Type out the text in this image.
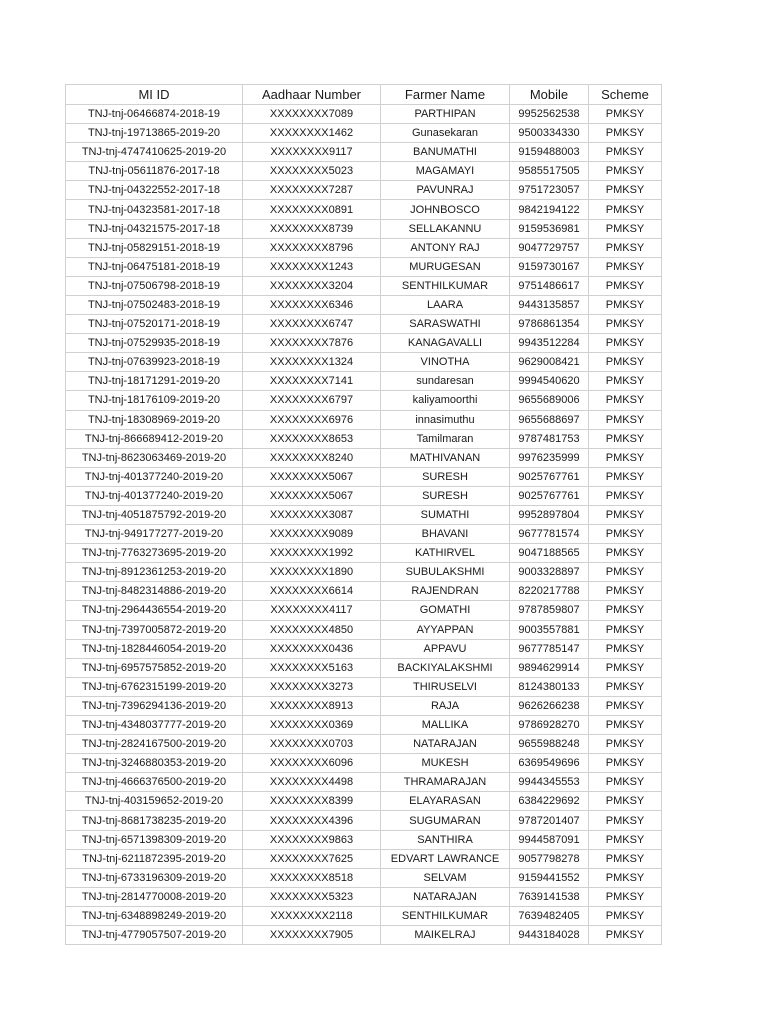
MI ID	Aadhaar Number	Farmer Name	Mobile	Scheme
TNJ-tnj-06466874-2018-19	XXXXXXXX7089	PARTHIPAN	9952562538	PMKSY
TNJ-tnj-19713865-2019-20	XXXXXXXX1462	Gunasekaran	9500334330	PMKSY
TNJ-tnj-4747410625-2019-20	XXXXXXXX9117	BANUMATHI	9159488003	PMKSY
TNJ-tnj-05611876-2017-18	XXXXXXXX5023	MAGAMAYI	9585517505	PMKSY
TNJ-tnj-04322552-2017-18	XXXXXXXX7287	PAVUNRAJ	9751723057	PMKSY
TNJ-tnj-04323581-2017-18	XXXXXXXX0891	JOHNBOSCO	9842194122	PMKSY
TNJ-tnj-04321575-2017-18	XXXXXXXX8739	SELLAKANNU	9159536981	PMKSY
TNJ-tnj-05829151-2018-19	XXXXXXXX8796	ANTONY RAJ	9047729757	PMKSY
TNJ-tnj-06475181-2018-19	XXXXXXXX1243	MURUGESAN	9159730167	PMKSY
TNJ-tnj-07506798-2018-19	XXXXXXXX3204	SENTHILKUMAR	9751486617	PMKSY
TNJ-tnj-07502483-2018-19	XXXXXXXX6346	LAARA	9443135857	PMKSY
TNJ-tnj-07520171-2018-19	XXXXXXXX6747	SARASWATHI	9786861354	PMKSY
TNJ-tnj-07529935-2018-19	XXXXXXXX7876	KANAGAVALLI	9943512284	PMKSY
TNJ-tnj-07639923-2018-19	XXXXXXXX1324	VINOTHA	9629008421	PMKSY
TNJ-tnj-18171291-2019-20	XXXXXXXX7141	sundaresan	9994540620	PMKSY
TNJ-tnj-18176109-2019-20	XXXXXXXX6797	kaliyamoorthi	9655689006	PMKSY
TNJ-tnj-18308969-2019-20	XXXXXXXX6976	innasimuthu	9655688697	PMKSY
TNJ-tnj-866689412-2019-20	XXXXXXXX8653	Tamilmaran	9787481753	PMKSY
TNJ-tnj-8623063469-2019-20	XXXXXXXX8240	MATHIVANAN	9976235999	PMKSY
TNJ-tnj-401377240-2019-20	XXXXXXXX5067	SURESH	9025767761	PMKSY
TNJ-tnj-401377240-2019-20	XXXXXXXX5067	SURESH	9025767761	PMKSY
TNJ-tnj-4051875792-2019-20	XXXXXXXX3087	SUMATHI	9952897804	PMKSY
TNJ-tnj-949177277-2019-20	XXXXXXXX9089	BHAVANI	9677781574	PMKSY
TNJ-tnj-7763273695-2019-20	XXXXXXXX1992	KATHIRVEL	9047188565	PMKSY
TNJ-tnj-8912361253-2019-20	XXXXXXXX1890	SUBULAKSHMI	9003328897	PMKSY
TNJ-tnj-8482314886-2019-20	XXXXXXXX6614	RAJENDRAN	8220217788	PMKSY
TNJ-tnj-2964436554-2019-20	XXXXXXXX4117	GOMATHI	9787859807	PMKSY
TNJ-tnj-7397005872-2019-20	XXXXXXXX4850	AYYAPPAN	9003557881	PMKSY
TNJ-tnj-1828446054-2019-20	XXXXXXXX0436	APPAVU	9677785147	PMKSY
TNJ-tnj-6957575852-2019-20	XXXXXXXX5163	BACKIYALAKSHMI	9894629914	PMKSY
TNJ-tnj-6762315199-2019-20	XXXXXXXX3273	THIRUSELVI	8124380133	PMKSY
TNJ-tnj-7396294136-2019-20	XXXXXXXX8913	RAJA	9626266238	PMKSY
TNJ-tnj-4348037777-2019-20	XXXXXXXX0369	MALLIKA	9786928270	PMKSY
TNJ-tnj-2824167500-2019-20	XXXXXXXX0703	NATARAJAN	9655988248	PMKSY
TNJ-tnj-3246880353-2019-20	XXXXXXXX6096	MUKESH	6369549696	PMKSY
TNJ-tnj-4666376500-2019-20	XXXXXXXX4498	THRAMARAJAN	9944345553	PMKSY
TNJ-tnj-403159652-2019-20	XXXXXXXX8399	ELAYARASAN	6384229692	PMKSY
TNJ-tnj-8681738235-2019-20	XXXXXXXX4396	SUGUMARAN	9787201407	PMKSY
TNJ-tnj-6571398309-2019-20	XXXXXXXX9863	SANTHIRA	9944587091	PMKSY
TNJ-tnj-6211872395-2019-20	XXXXXXXX7625	EDVART LAWRANCE	9057798278	PMKSY
TNJ-tnj-6733196309-2019-20	XXXXXXXX8518	SELVAM	9159441552	PMKSY
TNJ-tnj-2814770008-2019-20	XXXXXXXX5323	NATARAJAN	7639141538	PMKSY
TNJ-tnj-6348898249-2019-20	XXXXXXXX2118	SENTHILKUMAR	7639482405	PMKSY
TNJ-tnj-4779057507-2019-20	XXXXXXXX7905	MAIKELRAJ	9443184028	PMKSY
